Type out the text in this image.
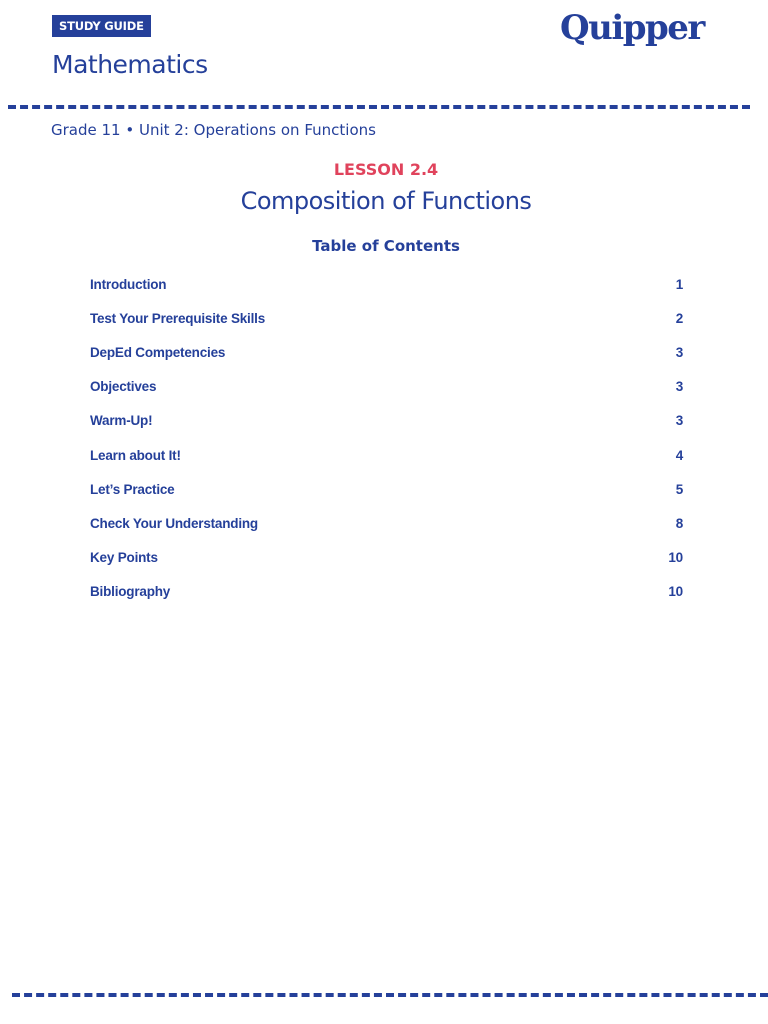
STUDY GUIDE
Mathematics
Quipper
Grade 11 • Unit 2: Operations on Functions
LESSON 2.4
Composition of Functions
Table of Contents
Introduction	1
Test Your Prerequisite Skills	2
DepEd Competencies	3
Objectives	3
Warm-Up!	3
Learn about It!	4
Let’s Practice	5
Check Your Understanding	8
Key Points	10
Bibliography	10
